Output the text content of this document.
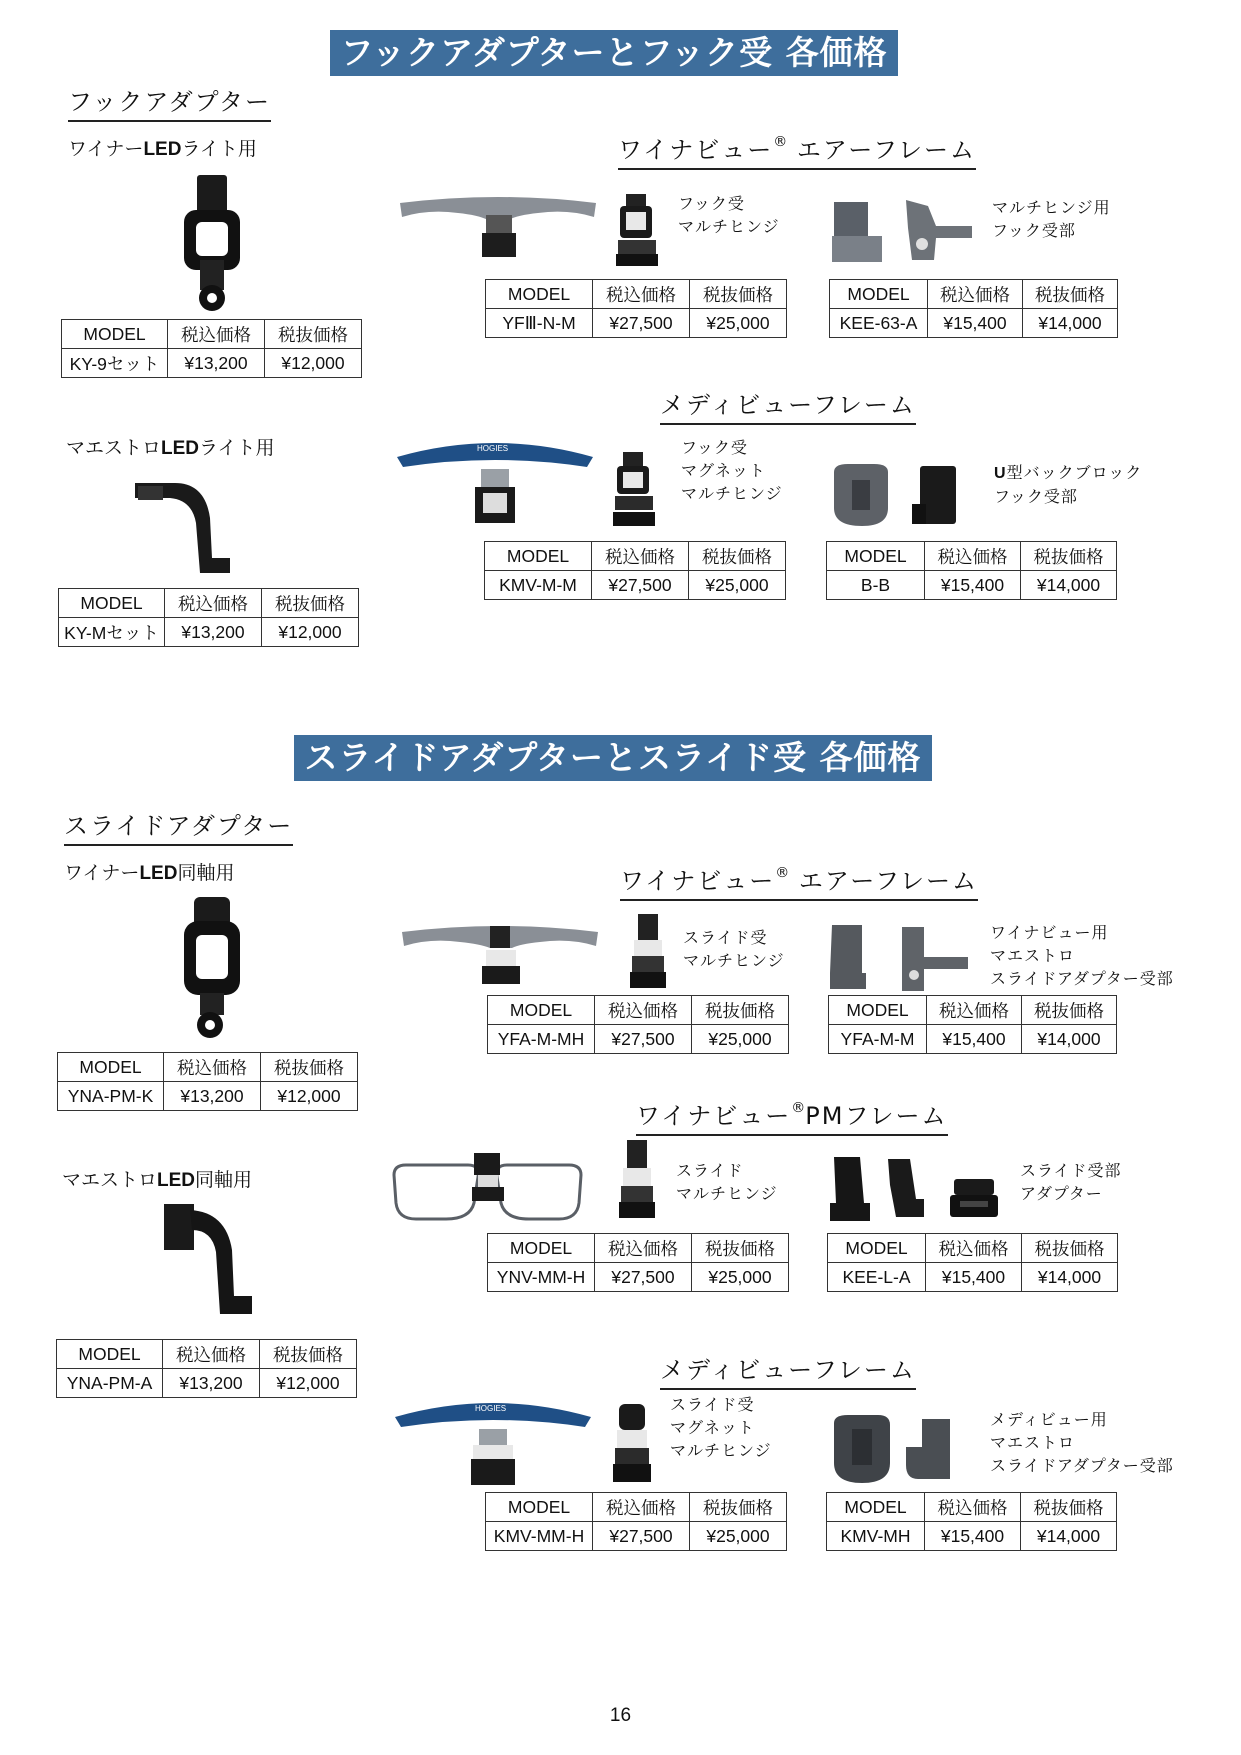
フックアダプターとフック受 各価格
フックアダプター
ワイナーLEDライト用
MODEL	税込価格	税抜価格
KY-9セット	¥13,200	¥12,000
マエストロLEDライト用
MODEL	税込価格	税抜価格
KY-Mセット	¥13,200	¥12,000
ワイナビュー® エアーフレーム
フック受
マルチヒンジ
マルチヒンジ用
フック受部
MODEL	税込価格	税抜価格
YFⅢ-N-M	¥27,500	¥25,000
MODEL	税込価格	税抜価格
KEE-63-A	¥15,400	¥14,000
メディビューフレーム
HOGIES	フック受
マグネット
マルチヒンジ
U型バックブロック
フック受部
MODEL	税込価格	税抜価格
KMV-M-M	¥27,500	¥25,000
MODEL	税込価格	税抜価格
B-B	¥15,400	¥14,000
スライドアダプターとスライド受 各価格
スライドアダプター
ワイナーLED同軸用
MODEL	税込価格	税抜価格
YNA-PM-K	¥13,200	¥12,000
マエストロLED同軸用
MODEL	税込価格	税抜価格
YNA-PM-A	¥13,200	¥12,000
ワイナビュー® エアーフレーム
スライド受
マルチヒンジ
ワイナビュー用
マエストロ
スライドアダプター受部
MODEL	税込価格	税抜価格
YFA-M-MH	¥27,500	¥25,000
MODEL	税込価格	税抜価格
YFA-M-M	¥15,400	¥14,000
ワイナビュー®PMフレーム
スライド
マルチヒンジ
スライド受部
アダプター
MODEL	税込価格	税抜価格
YNV-MM-H	¥27,500	¥25,000
MODEL	税込価格	税抜価格
KEE-L-A	¥15,400	¥14,000
メディビューフレーム
HOGIES	スライド受
マグネット
マルチヒンジ
メディビュー用
マエストロ
スライドアダプター受部
MODEL	税込価格	税抜価格
KMV-MM-H	¥27,500	¥25,000
MODEL	税込価格	税抜価格
KMV-MH	¥15,400	¥14,000
16
